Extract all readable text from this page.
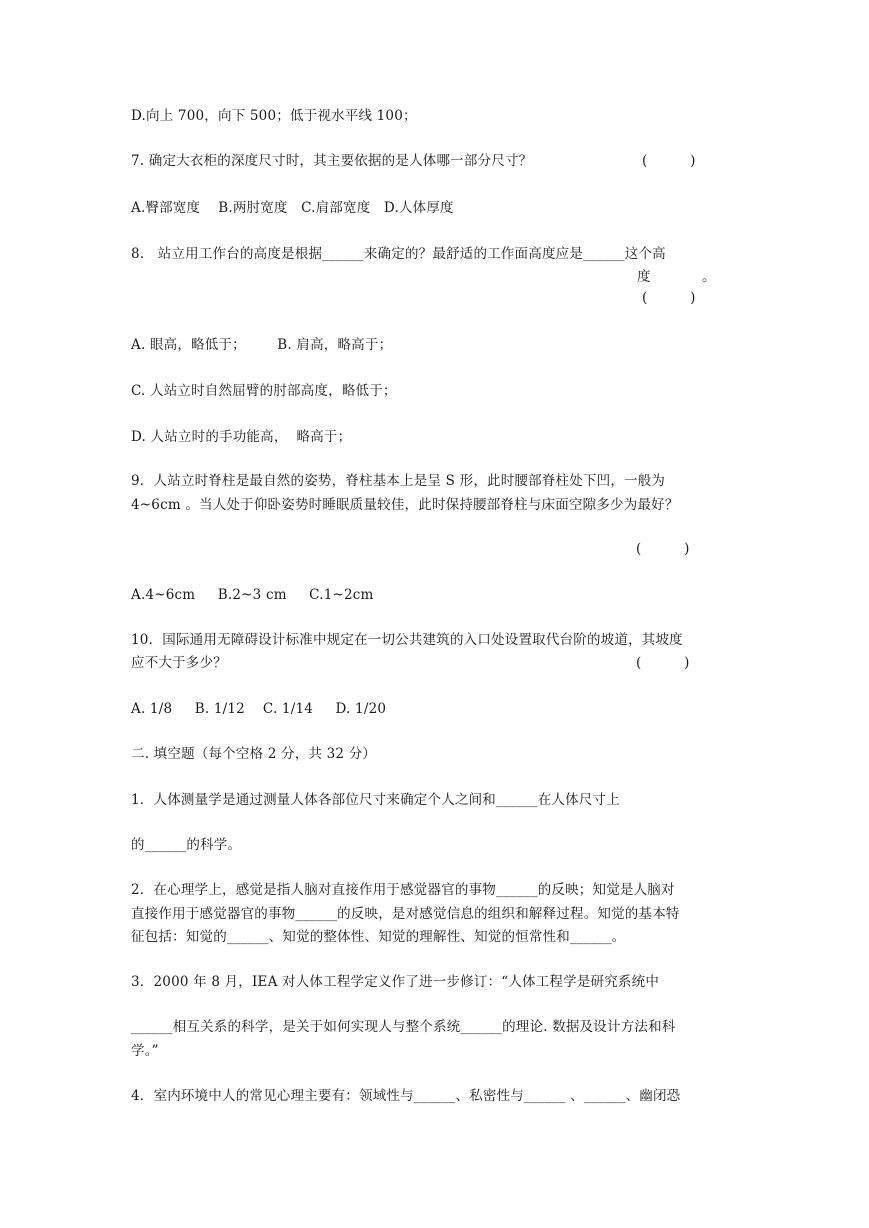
D.向上 700，向下 500；低于视水平线 100；
7. 确定大衣柜的深度尺寸时，其主要依据的是人体哪一部分尺寸？	(          )
A.臀部宽度    B.两肘宽度   C.肩部宽度   D.人体厚度
8.   站立用工作台的高度是根据______来确定的？最舒适的工作面高度应是______这个高
度            。
(          )
A. 眼高，略低于；       B. 肩高，略高于；
C. 人站立时自然屈臂的肘部高度，略低于；
D. 人站立时的手功能高，  略高于；
9．人站立时脊柱是最自然的姿势，脊柱基本上是呈 S 形，此时腰部脊柱处下凹，一般为
4~6cm 。当人处于仰卧姿势时睡眠质量较佳，此时保持腰部脊柱与床面空隙多少为最好？
(          )
A.4~6cm     B.2~3 cm     C.1~2cm
10．国际通用无障碍设计标准中规定在一切公共建筑的入口处设置取代台阶的坡道，其坡度
应不大于多少？	(          )
A. 1/8     B. 1/12    C. 1/14     D. 1/20
二. 填空题（每个空格 2 分，共 32 分）
1．人体测量学是通过测量人体各部位尺寸来确定个人之间和______在人体尺寸上
的______的科学。
2．在心理学上，感觉是指人脑对直接作用于感觉器官的事物______的反映；知觉是人脑对
直接作用于感觉器官的事物______的反映，是对感觉信息的组织和解释过程。知觉的基本特
征包括：知觉的______、知觉的整体性、知觉的理解性、知觉的恒常性和______。
3．2000 年 8 月，IEA 对人体工程学定义作了进一步修订：“人体工程学是研究系统中
______相互关系的科学，是关于如何实现人与整个系统______的理论. 数据及设计方法和科
学。”
4．室内环境中人的常见心理主要有：领域性与______、私密性与______ 、______、幽闭恐
